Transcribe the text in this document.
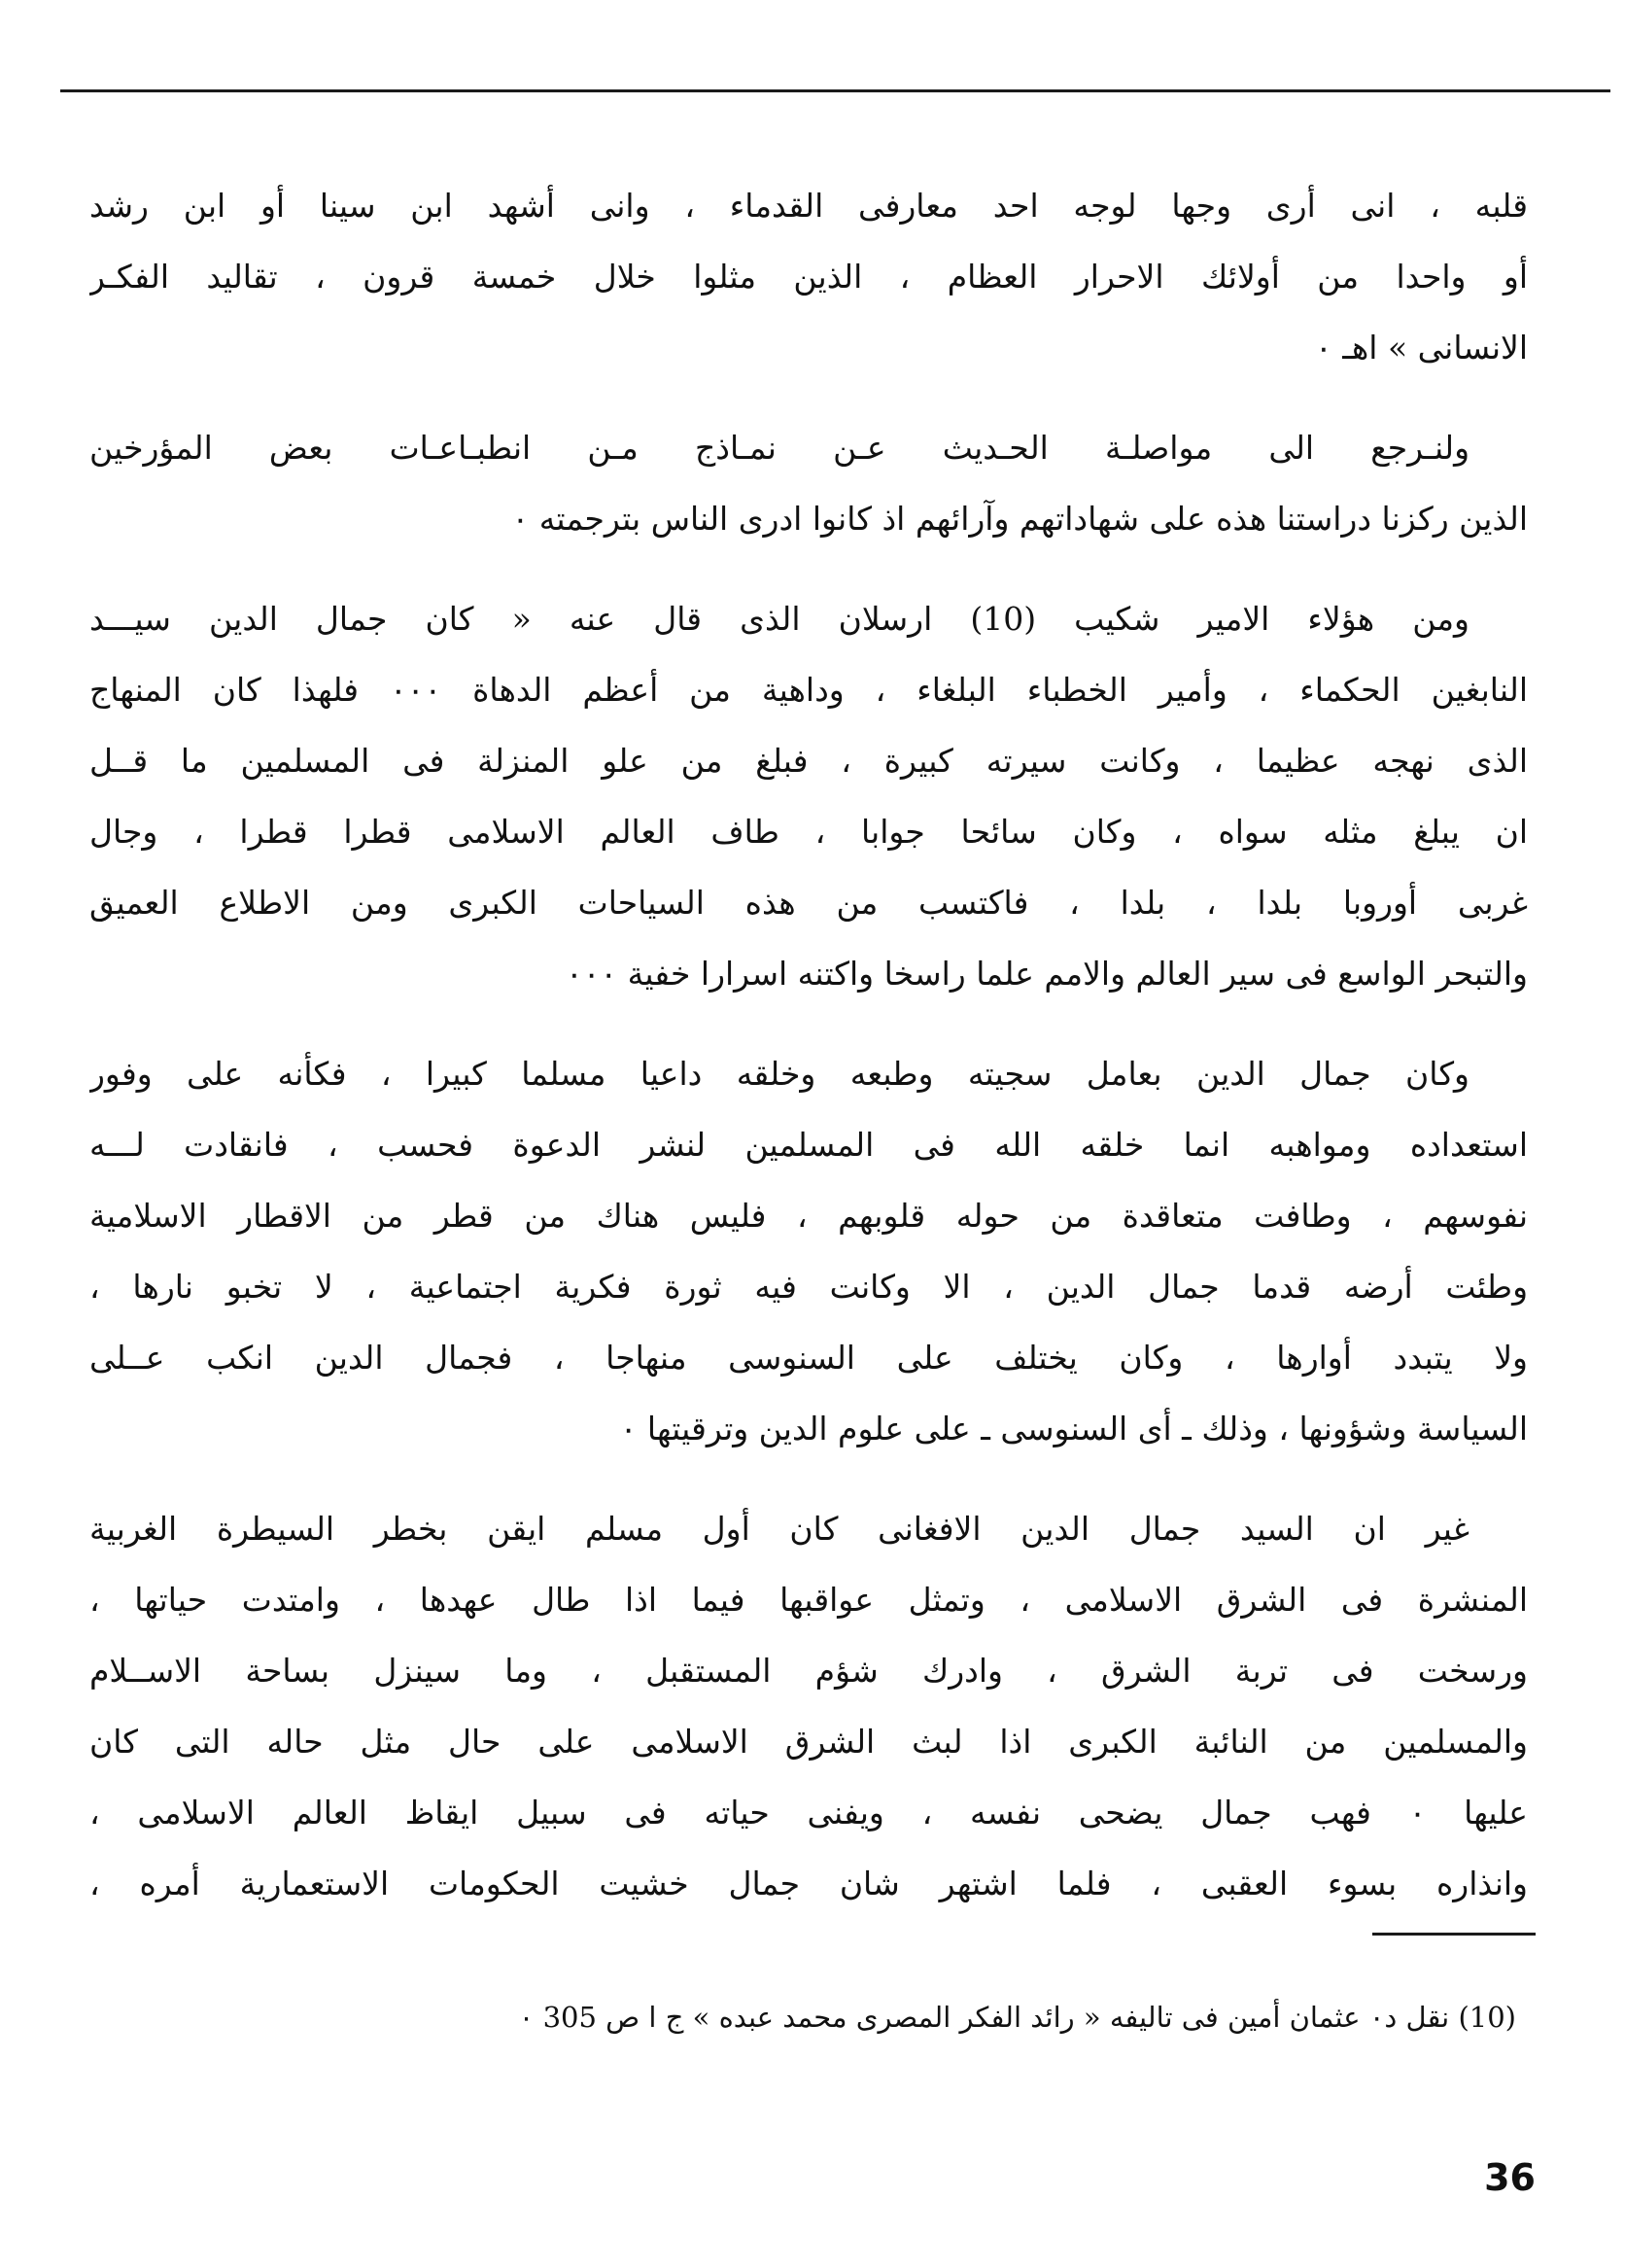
قلبه ، انى أرى وجها لوجه احد معارفى القدماء ، وانى أشهد ابن سينا أو ابن رشد
أو واحدا من أولائك الاحرار العظام ، الذين مثلوا خلال خمسة قرون ، تقاليد الفكـر
الانسانى » اهـ ٠
ولنـرجع الى مواصلـة الحـديث عـن نمـاذج مـن انطبـاعـات بعض المؤرخين
الذين ركزنا دراستنا هذه على شهاداتهم وآرائهم اذ كانوا ادرى الناس بترجمته ٠
ومن هؤلاء الامير شكيب (10) ارسلان الذى قال عنه « كان جمال الدين سيـــد
النابغين الحكماء ، وأمير الخطباء البلغاء ، وداهية من أعظم الدهاة ٠٠٠ فلهذا كان المنهاج
الذى نهجه عظيما ، وكانت سيرته كبيرة ، فبلغ من علو المنزلة فى المسلمين ما قــل
ان يبلغ مثله سواه ، وكان سائحا جوابا ، طاف العالم الاسلامى قطرا قطرا ، وجال
غربى أوروبا بلدا ، بلدا ، فاكتسب من هذه السياحات الكبرى ومن الاطلاع العميق
والتبحر الواسع فى سير العالم والامم علما راسخا واكتنه اسرارا خفية ٠٠٠
وكان جمال الدين بعامل سجيته وطبعه وخلقه داعيا مسلما كبيرا ، فكأنه على وفور
استعداده ومواهبه انما خلقه الله فى المسلمين لنشر الدعوة فحسب ، فانقادت لـــه
نفوسهم ، وطافت متعاقدة من حوله قلوبهم ، فليس هناك من قطر من الاقطار الاسلامية
وطئت أرضه قدما جمال الدين ، الا وكانت فيه ثورة فكرية اجتماعية ، لا تخبو نارها ،
ولا يتبدد أوارها ، وكان يختلف على السنوسى منهاجا ، فجمال الدين انكب عــلى
السياسة وشؤونها ، وذلك ـ أى السنوسى ـ على علوم الدين وترقيتها ٠
غير ان السيد جمال الدين الافغانى كان أول مسلم ايقن بخطر السيطرة الغربية
المنشرة فى الشرق الاسلامى ، وتمثل عواقبها فيما اذا طال عهدها ، وامتدت حياتها ،
ورسخت فى تربة الشرق ، وادرك شؤم المستقبل ، وما سينزل بساحة الاســلام
والمسلمين من النائبة الكبرى اذا لبث الشرق الاسلامى على حال مثل حاله التى كان
عليها ٠ فهب جمال يضحى نفسه ، ويفنى حياته فى سبيل ايقاظ العالم الاسلامى ،
وانذاره بسوء العقبى ، فلما اشتهر شان جمال خشيت الحكومات الاستعمارية أمره ،
(10) نقل د٠ عثمان أمين فى تاليفه « رائد الفكر المصرى محمد عبده » ج ا ص 305 ٠
36
